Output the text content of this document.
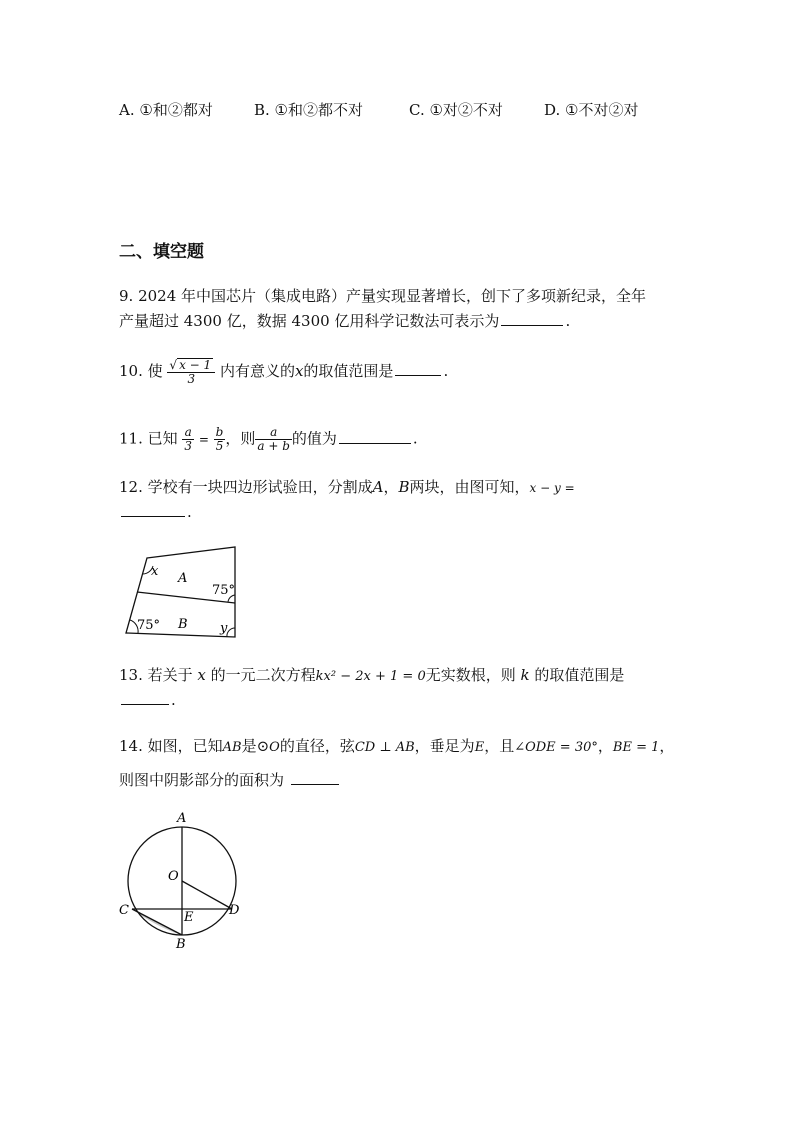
A. ①和②都对	B. ①和②都不对	C. ①对②不对	D. ①不对②对
二、填空题
9. 2024 年中国芯片（集成电路）产量实现显著增长，创下了多项新纪录，全年
产量超过 4300 亿，数据 4300 亿用科学记数法可表示为	.
10. 使 $\frac{√ x - 1}{3}$ 内有意义的x的取值范围是	.
11. 已知 $\frac{a}{3} = \frac{b}{5}$ ，则 $\frac{a}{a + b}$ 的值为	.
12. 学校有一块四边形试验田，分割成A，B两块，由图可知，x − y =
.
x A
75°
75° B y
13. 若关于 x 的一元二次方程kx² − 2x + 1 = 0无实数根，则 k 的取值范围是
.
14. 如图，已知AB是⊙O的直径，弦CD ⊥ AB，垂足为E，且∠ODE = 30°，BE = 1，
则图中阴影部分的面积为
A
O
C	E	D
B
